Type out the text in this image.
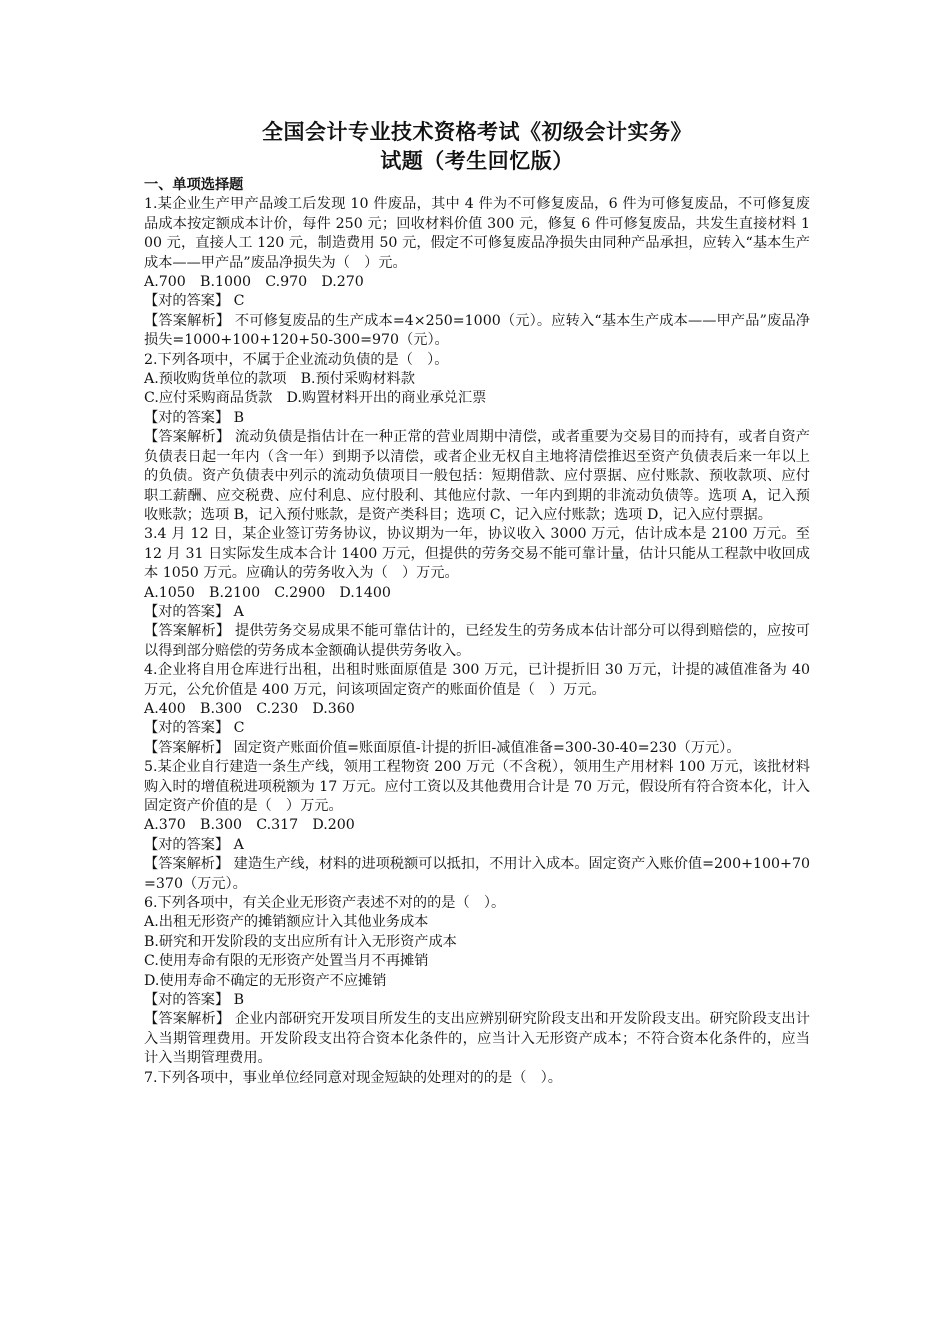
全国会计专业技术资格考试《初级会计实务》
试题（考生回忆版）
一、单项选择题

1.某企业生产甲产品竣工后发现 10 件废品，其中 4 件为不可修复废品，6 件为可修复废品，不可修复废品成本按定额成本计价，每件 250 元；回收材料价值 300 元，修复 6 件可修复废品，共发生直接材料 100 元，直接人工 120 元，制造费用 50 元，假定不可修复废品净损失由同种产品承担，应转入“基本生产成本——甲产品”废品净损失为（　）元。

A.700　B.1000　C.970　D.270

【对的答案】 C

【答案解析】 不可修复废品的生产成本=4×250=1000（元）。应转入“基本生产成本——甲产品”废品净损失=1000+100+120+50-300=970（元）。

2.下列各项中，不属于企业流动负债的是（　）。

A.预收购货单位的款项　B.预付采购材料款

C.应付采购商品货款　D.购置材料开出的商业承兑汇票

【对的答案】 B

【答案解析】 流动负债是指估计在一种正常的营业周期中清偿，或者重要为交易目的而持有，或者自资产负债表日起一年内（含一年）到期予以清偿，或者企业无权自主地将清偿推迟至资产负债表后来一年以上的负债。资产负债表中列示的流动负债项目一般包括：短期借款、应付票据、应付账款、预收款项、应付职工薪酬、应交税费、应付利息、应付股利、其他应付款、一年内到期的非流动负债等。选项 A，记入预收账款；选项 B，记入预付账款，是资产类科目；选项 C，记入应付账款；选项 D，记入应付票据。

3.4 月 12 日，某企业签订劳务协议，协议期为一年，协议收入 3000 万元，估计成本是 2100 万元。至 12 月 31 日实际发生成本合计 1400 万元，但提供的劳务交易不能可靠计量，估计只能从工程款中收回成本 1050 万元。应确认的劳务收入为（　）万元。

A.1050　B.2100　C.2900　D.1400

【对的答案】 A

【答案解析】 提供劳务交易成果不能可靠估计的，已经发生的劳务成本估计部分可以得到赔偿的，应按可以得到部分赔偿的劳务成本金额确认提供劳务收入。

4.企业将自用仓库进行出租，出租时账面原值是 300 万元，已计提折旧 30 万元，计提的减值准备为 40 万元，公允价值是 400 万元，问该项固定资产的账面价值是（　）万元。

A.400　B.300　C.230　D.360

【对的答案】 C

【答案解析】 固定资产账面价值=账面原值-计提的折旧-减值准备=300-30-40=230（万元）。

5.某企业自行建造一条生产线，领用工程物资 200 万元（不含税），领用生产用材料 100 万元，该批材料购入时的增值税进项税额为 17 万元。应付工资以及其他费用合计是 70 万元，假设所有符合资本化，计入固定资产价值的是（　）万元。

A.370　B.300　C.317　D.200

【对的答案】 A

【答案解析】 建造生产线，材料的进项税额可以抵扣，不用计入成本。固定资产入账价值=200+100+70=370（万元）。

6.下列各项中，有关企业无形资产表述不对的的是（　）。

A.出租无形资产的摊销额应计入其他业务成本

B.研究和开发阶段的支出应所有计入无形资产成本

C.使用寿命有限的无形资产处置当月不再摊销

D.使用寿命不确定的无形资产不应摊销

【对的答案】 B

【答案解析】 企业内部研究开发项目所发生的支出应辨别研究阶段支出和开发阶段支出。研究阶段支出计入当期管理费用。开发阶段支出符合资本化条件的，应当计入无形资产成本；不符合资本化条件的，应当计入当期管理费用。

7.下列各项中，事业单位经同意对现金短缺的处理对的的是（　）。
